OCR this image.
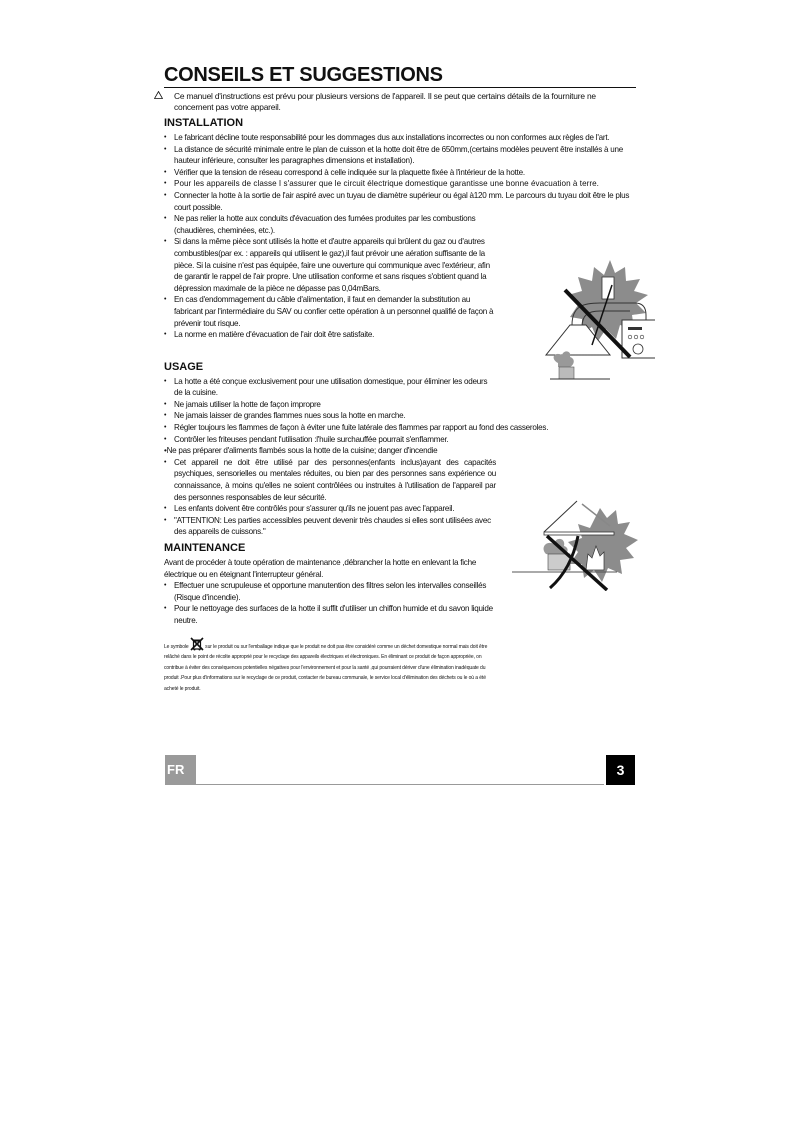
CONSEILS ET SUGGESTIONS

Ce manuel d'instructions est prévu pour plusieurs versions de l'appareil. Il se peut que certains détails de la fourniture ne concernent pas votre appareil.

INSTALLATION
• Le fabricant décline toute responsabilité pour les dommages dus aux installations incorrectes ou non conformes aux règles de l'art.
• La distance de sécurité minimale entre le plan de cuisson et la hotte doit être de 650mm,(certains modèles peuvent être installés à une hauteur inférieure, consulter les paragraphes dimensions et installation).
• Vérifier que la tension de réseau correspond à celle indiquée sur la plaquette fixée à l'intérieur de la hotte.
• Pour les appareils de classe I s'assurer que le circuit électrique domestique garantisse une bonne évacuation à terre.
• Connecter la hotte à la sortie de l'air aspiré avec un tuyau de diamètre supérieur ou égal à120 mm. Le parcours du tuyau doit être le plus court possible.
• Ne pas relier la hotte aux conduits d'évacuation des fumées produites par les combustions (chaudières, cheminées, etc.).
• Si dans la même pièce sont utilisés la hotte et d'autre appareils qui brûlent du gaz ou d'autres combustibles(par ex. : appareils qui utilisent le gaz),il faut prévoir une aération suffisante de la pièce. Si la cuisine n'est pas équipée, faire une ouverture qui communique avec l'extérieur, afin de garantir le rappel de l'air propre. Une utilisation conforme et sans risques s'obtient quand la dépression maximale de la pièce ne dépasse pas 0,04mBars.
• En cas d'endommagement du câble d'alimentation, il faut en demander la substitution au fabricant par l'intermédiaire du SAV ou confier cette opération à un personnel qualifié de façon à prévenir tout risque.
• La norme en matière d'évacuation de l'air doit être satisfaite.
USAGE
• La hotte a été conçue exclusivement pour une utilisation domestique, pour éliminer les odeurs de la cuisine.
• Ne jamais utiliser la hotte de façon impropre
• Ne jamais laisser de grandes flammes nues sous la hotte en marche.
• Régler toujours les flammes de façon à éviter une fuite latérale des flammes par rapport au fond des casseroles.
• Contrôler les friteuses pendant l'utilisation :l'huile surchauffée pourrait s'enflammer.

•Ne pas préparer d'aliments flambés sous la hotte de la cuisine; danger d'incendie

• Cet appareil ne doit être utilisé par des personnes(enfants inclus)ayant des capacités psychiques, sensorielles ou mentales réduites, ou bien par des personnes sans expérience ou connaissance, à moins qu'elles ne soient contrôlées ou instruites à l'utilisation de l'appareil par des personnes responsables de leur sécurité.
• Les enfants doivent être contrôlés pour s'assurer qu'ils ne jouent pas avec l'appareil.
• "ATTENTION: Les parties accessibles peuvent devenir très chaudes si elles sont utilisées avec des appareils de cuissons."
MAINTENANCE

Avant de procéder à toute opération de maintenance ,débrancher la hotte en enlevant la fiche électrique ou en éteignant l'interrupteur général.

• Effectuer une scrupuleuse et opportune manutention des filtres selon les intervalles conseillés (Risque d'incendie).
• Pour le nettoyage des surfaces de la hotte il suffit d'utiliser un chiffon humide et du savon liquide neutre.

Le symbole	sur le produit ou sur l'emballage indique que le produit ne doit pas être considéré comme un déchet domestique normal mais doit être relâché dans le point de récolte approprié pour le recyclage des appareils électriques et électroniques. En éliminant ce produit de façon appropriée, on contribue à éviter des conséquences potentielles négatives pour l'environnement et pour la santé ,qui pourraient dériver d'une élimination inadéquate du produit .Pour plus d'informations sur le recyclage de ce produit, contacter rle bureau communale, le service local d'élimination des déchets ou le où a été acheté le produit.

FR	3
